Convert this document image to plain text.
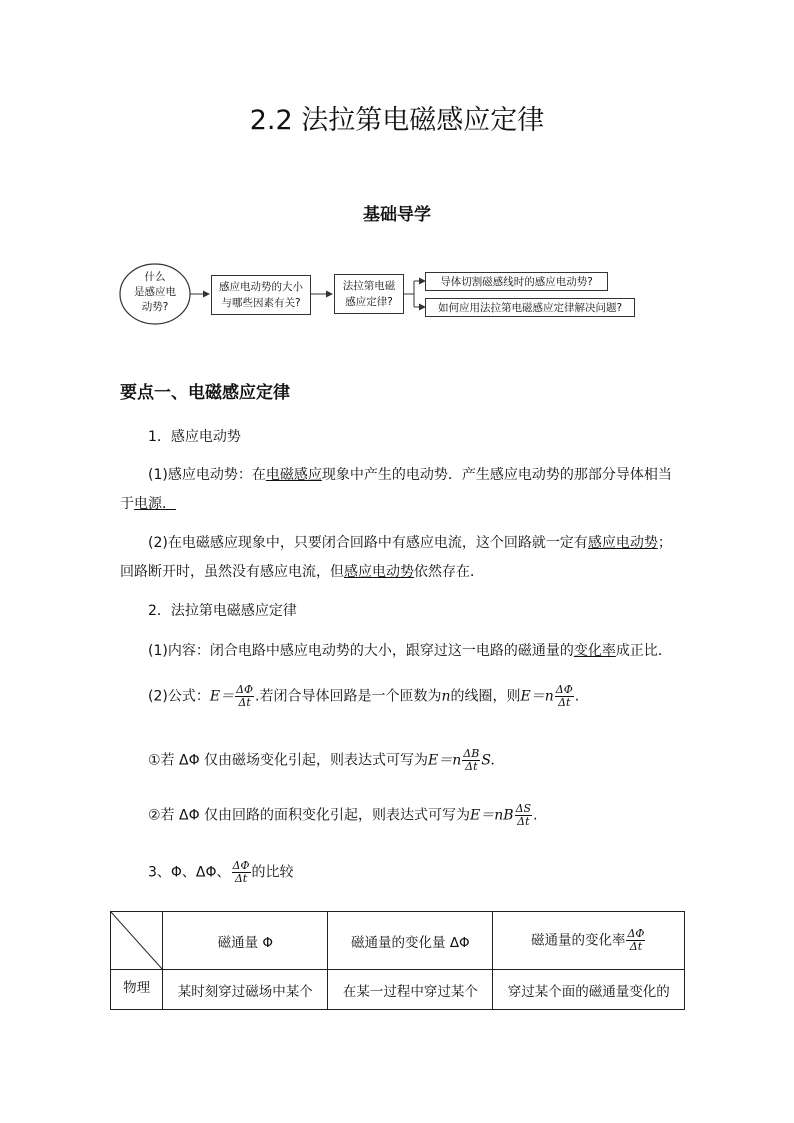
2.2 法拉第电磁感应定律
基础导学
什么
是感应电
动势?
感应电动势的大小
与哪些因素有关?
法拉第电磁
感应定律?
导体切割磁感线时的感应电动势?
如何应用法拉第电磁感应定律解决问题?
要点一、电磁感应定律
1．感应电动势
(1)感应电动势：在电磁感应现象中产生的电动势．产生感应电动势的那部分导体相当
于电源．
(2)在电磁感应现象中，只要闭合回路中有感应电流，这个回路就一定有感应电动势；
回路断开时，虽然没有感应电流，但感应电动势依然存在．
2．法拉第电磁感应定律
(1)内容：闭合电路中感应电动势的大小，跟穿过这一电路的磁通量的变化率成正比．
(2)公式：$E= \frac{\Delta\Phi}{\Delta t}$ .若闭合导体回路是一个匝数为n的线圈，则$E=n \frac{\Delta\Phi}{\Delta t}$ .
①若 ΔΦ 仅由磁场变化引起，则表达式可写为$E=n \frac{\Delta B}{\Delta t} S$.
②若 ΔΦ 仅由回路的面积变化引起，则表达式可写为$E=nB \frac{\Delta S}{\Delta t}$ .
3、Φ、ΔΦ、 $\frac{\Delta\Phi}{\Delta t}$ 的比较
	磁通量 Φ	磁通量的变化量 ΔΦ	磁通量的变化率 $\frac{\Delta\Phi}{\Delta t}$

物理	某时刻穿过磁场中某个	在某一过程中穿过某个	穿过某个面的磁通量变化的
